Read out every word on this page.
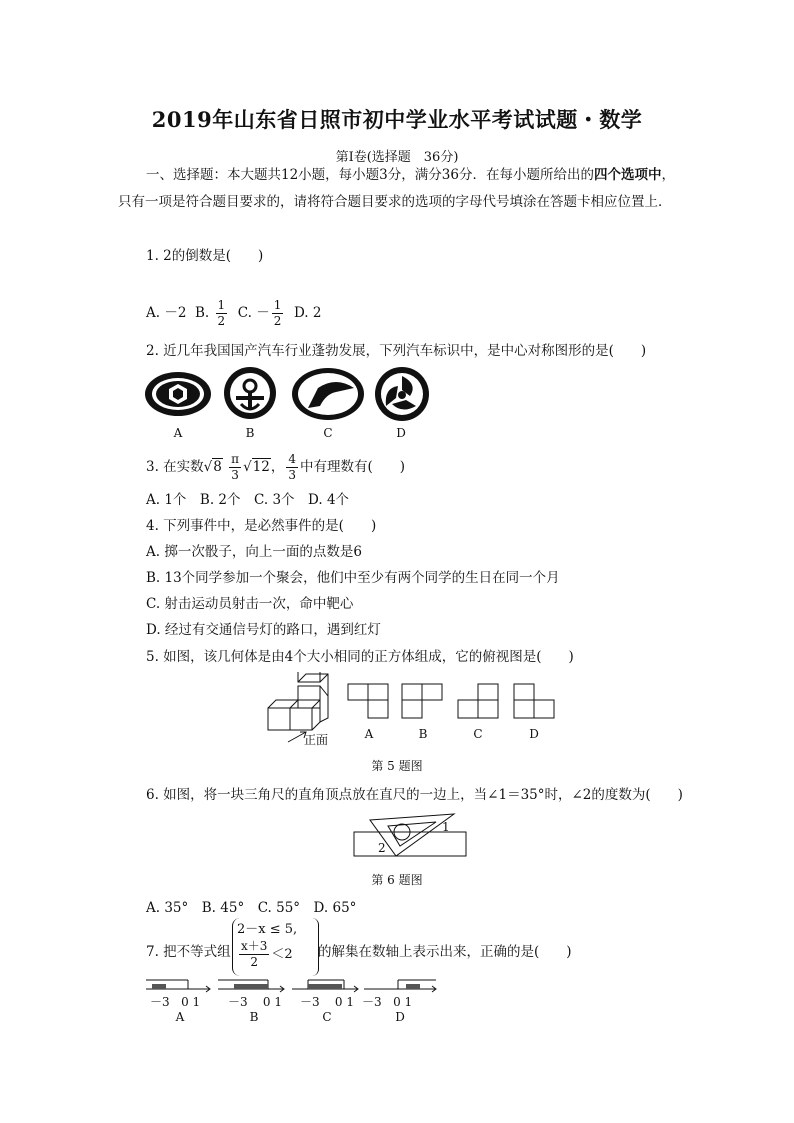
2019年山东省日照市初中学业水平考试试题・数学
第Ⅰ卷(选择题　36分)
一、选择题：本大题共12小题，每小题3分，满分36分．在每小题所给出的四个选项中，只有一项是符合题目要求的，请将符合题目要求的选项的字母代号填涂在答题卡相应位置上．
1. 2的倒数是(　　)
A. －2 B. $\frac{1}{2} C$. － $\frac{1}{2} D$. 2
2. 近几年我国国产汽车行业蓬勃发展，下列汽车标识中，是中心对称图形的是(　　)
A	B	C	D
3. 在实数$√8 \frac{\pi}{3} √12$， $\frac{4}{3}$ 中有理数有(　　)
A. 1个　B. 2个　C. 3个　D. 4个
4. 下列事件中，是必然事件的是(　　)
A. 掷一次骰子，向上一面的点数是6
B. 13个同学参加一个聚会，他们中至少有两个同学的生日在同一个月
C. 射击运动员射击一次，命中靶心
D. 经过有交通信号灯的路口，遇到红灯
5. 如图，该几何体是由4个大小相同的正方体组成，它的俯视图是(　　)
正面	A	B	C	D
第 5 题图
6. 如图，将一块三角尺的直角顶点放在直尺的一边上，当∠1＝35°时，∠2的度数为(　　)
1
2
第 6 题图
A. 35°　B. 45°　C. 55°　D. 65°
7. 把不等式组
2－x ≤ 5,
$\frac{x+3}{2} <2$	的解集在数轴上表示出来，正确的是(　　)
－3 0 1 －3 0 1 －3 0 1 －3 0 1
A	B	C	D
